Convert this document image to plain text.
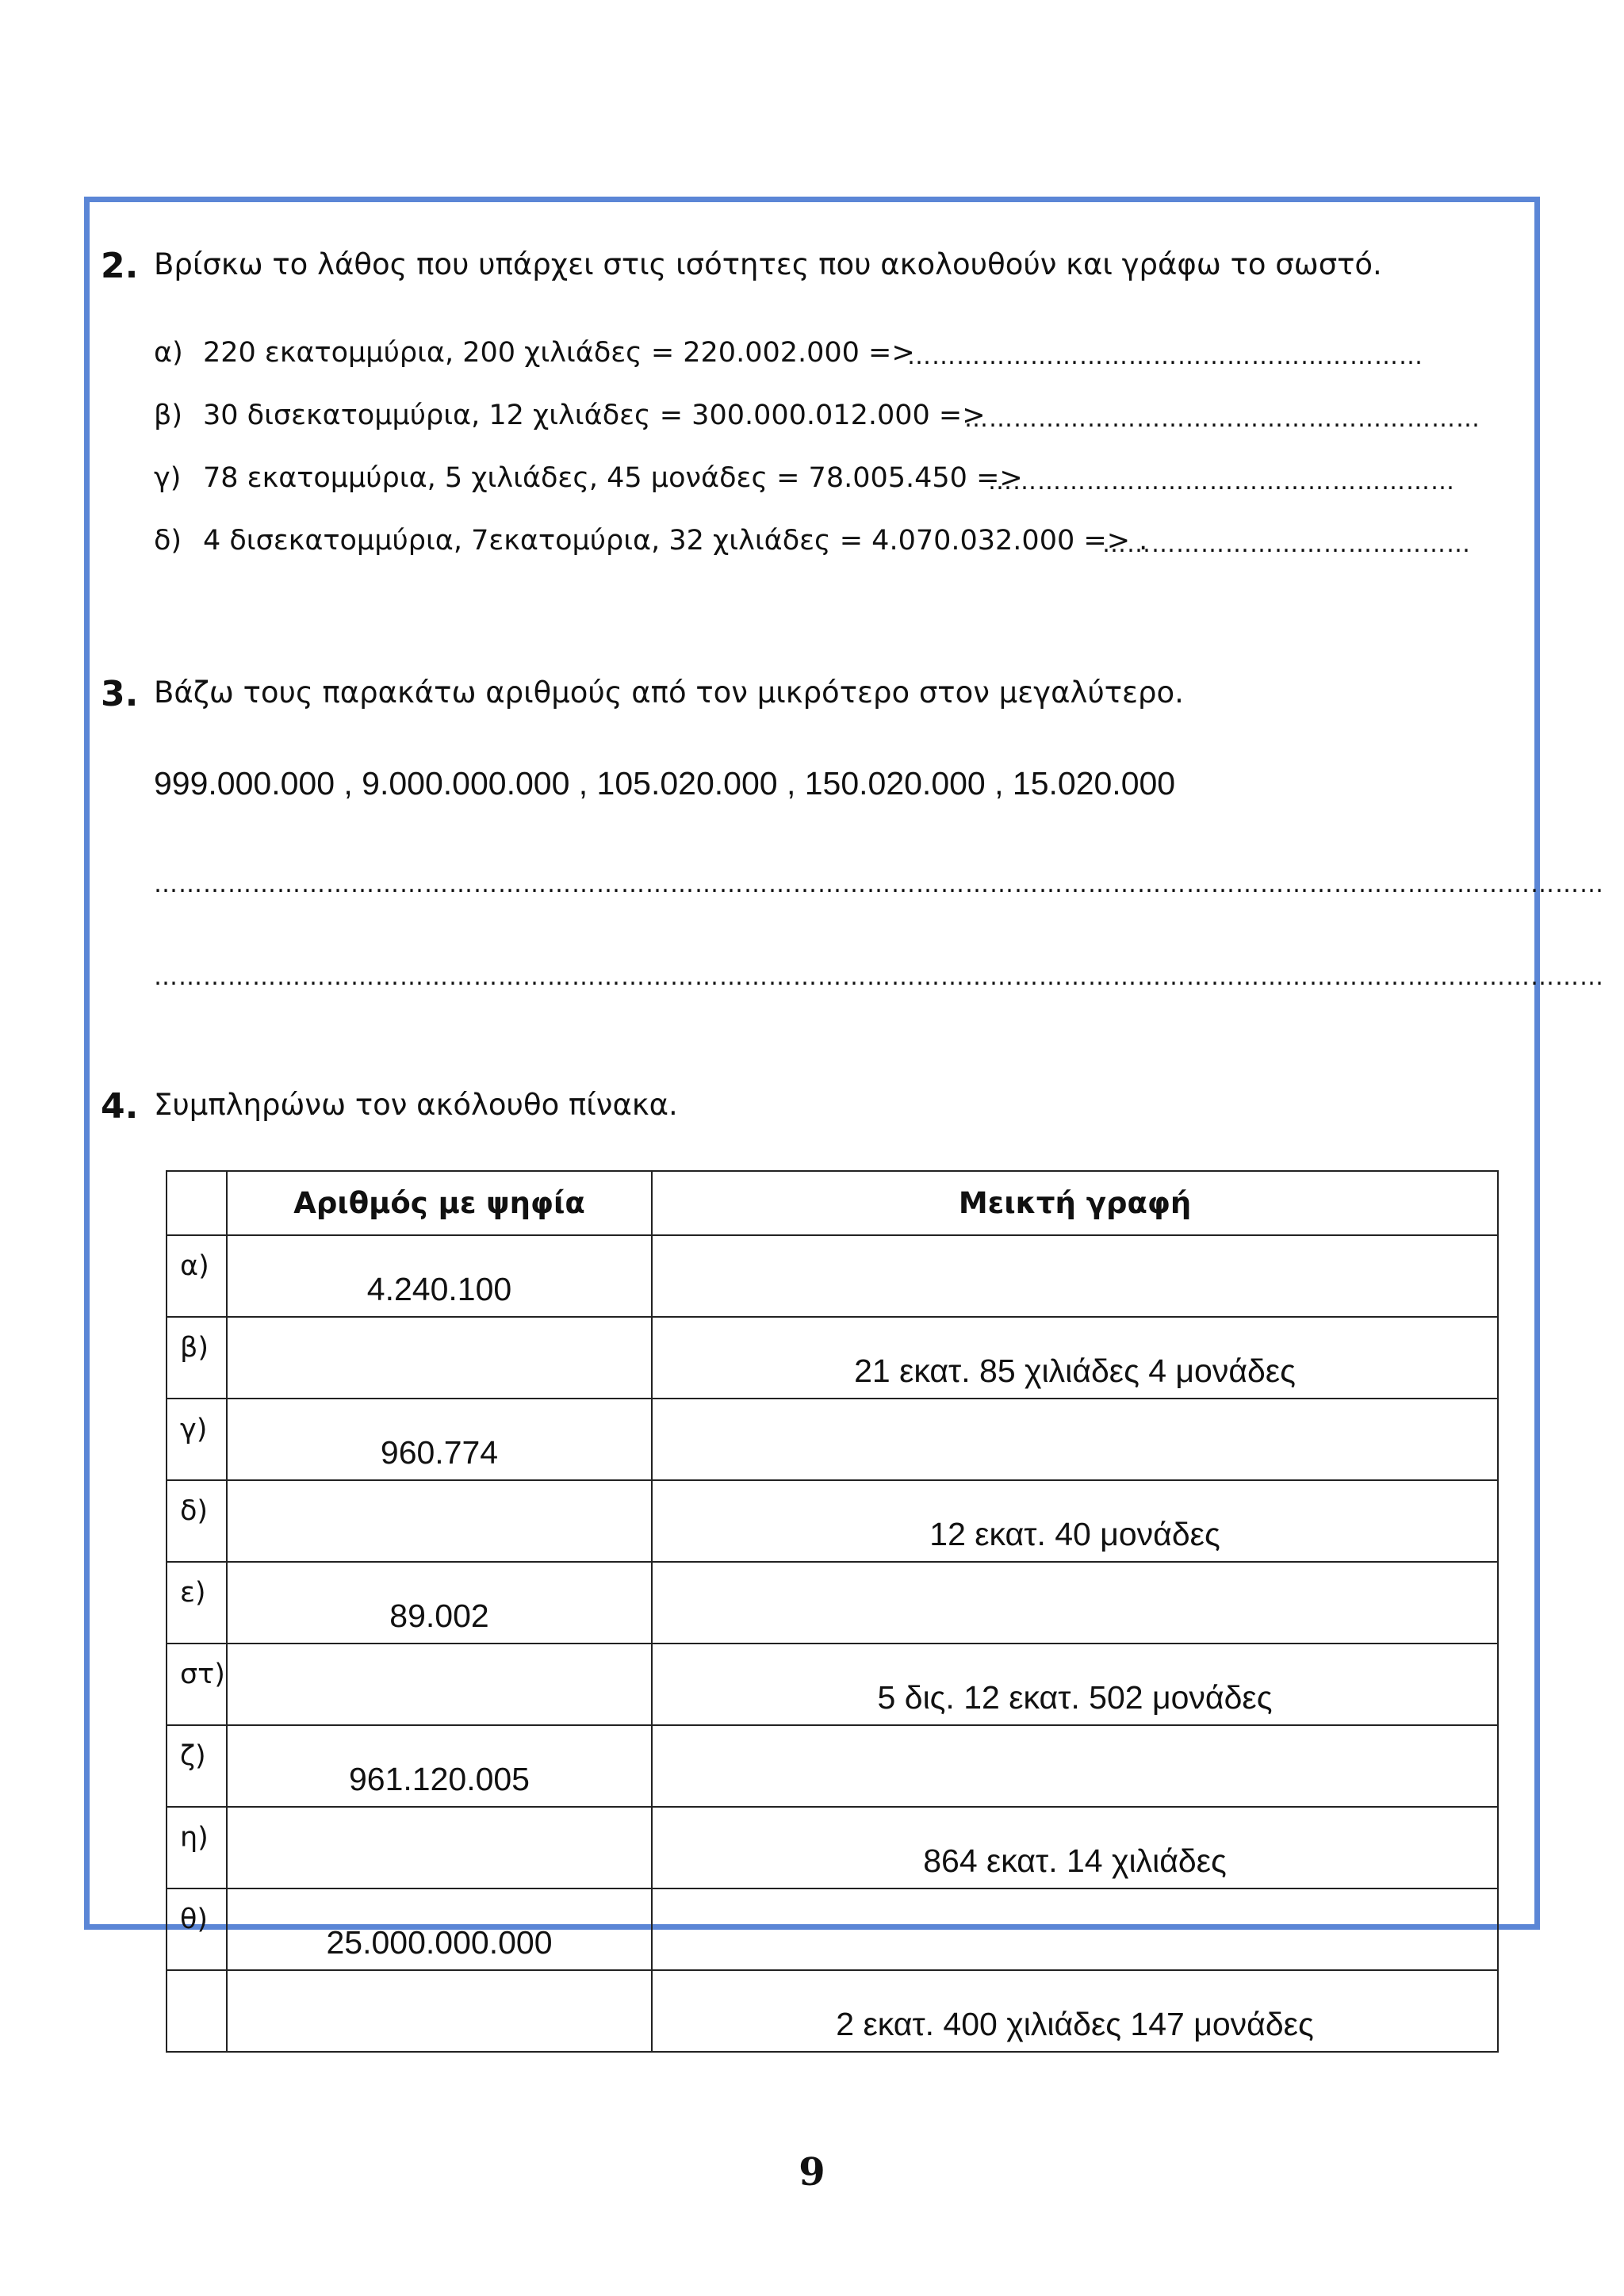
2. Βρίσκω το λάθος που υπάρχει στις ισότητες που ακολουθούν και γράφω το σωστό.
α) 220 εκατομμύρια, 200 χιλιάδες = 220.002.000 =>
………………………………………………………
β) 30 δισεκατομμύρια, 12 χιλιάδες = 300.000.012.000 =>
………………………………………………………
γ) 78 εκατομμύρια, 5 χιλιάδες, 45 μονάδες = 78.005.450 =>
…………………………………………………
δ) 4 δισεκατομμύρια, 7εκατομύρια, 32 χιλιάδες = 4.070.032.000 => .
………………………………………
3. Βάζω τους παρακάτω αριθμούς από τον μικρότερο στον μεγαλύτερο.
999.000.000 , 9.000.000.000 , 105.020.000 , 150.020.000 , 15.020.000
……………………………………………………………………………………………………………………………………………………………
……………………………………………………………………………………………………………………………………………………………
4. Συμπληρώνω τον ακόλουθο πίνακα.
	Αριθμός με ψηφία	Μεικτή γραφή
α)	4.240.100	
β)		21 εκατ. 85 χιλιάδες 4 μονάδες
γ)	960.774	
δ)		12 εκατ. 40 μονάδες
ε)	89.002	
στ)		5 δις. 12 εκατ. 502 μονάδες
ζ)	961.120.005	
η)		864 εκατ. 14 χιλιάδες
θ)	25.000.000.000	
		2 εκατ. 400 χιλιάδες 147 μονάδες
9
